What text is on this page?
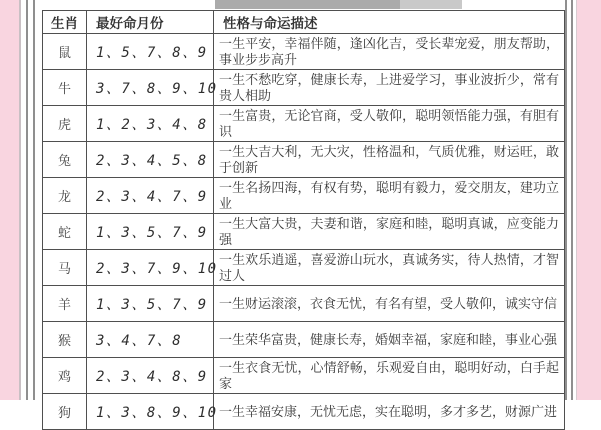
生肖	最好命月份	性格与命运描述
鼠	1、5、7、8、9	一生平安，幸福伴随，逢凶化吉，受长辈宠爱，朋友帮助，事业步步高升
牛	3、7、8、9、10	一生不愁吃穿，健康长寿，上进爱学习，事业波折少，常有贵人相助
虎	1、2、3、4、8	一生富贵，无论官商，受人敬仰，聪明领悟能力强，有胆有识
兔	2、3、4、5、8	一生大吉大利，无大灾，性格温和，气质优雅，财运旺，敢于创新
龙	2、3、4、7、9	一生名扬四海，有权有势，聪明有毅力，爱交朋友，建功立业
蛇	1、3、5、7、9	一生大富大贵，夫妻和谐，家庭和睦，聪明真诚，应变能力强
马	2、3、7、9、10	一生欢乐逍遥，喜爱游山玩水，真诚务实，待人热情，才智过人
羊	1、3、5、7、9	一生财运滚滚，衣食无忧，有名有望，受人敬仰，诚实守信
猴	3、4、7、8	一生荣华富贵，健康长寿，婚姻幸福，家庭和睦，事业心强
鸡	2、3、4、8、9	一生衣食无忧，心情舒畅，乐观爱自由，聪明好动，白手起家
狗	1、3、8、9、10	一生幸福安康，无忧无虑，实在聪明，多才多艺，财源广进
